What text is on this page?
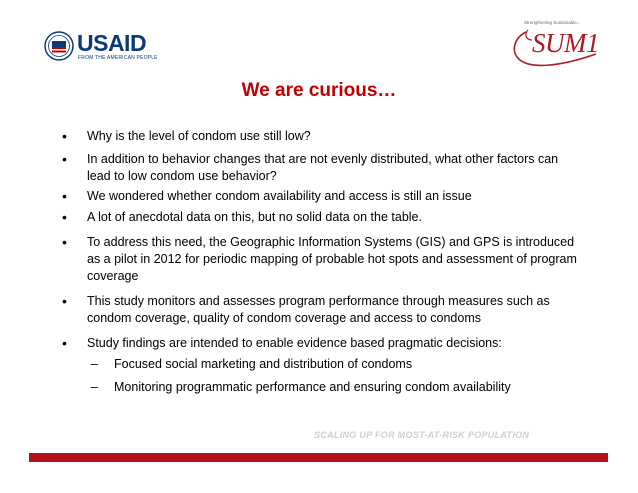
USAID
FROM THE AMERICAN PEOPLE
Strengthening Sustainable...
SUM1
We are curious…
• Why is the level of condom use still low?
• In addition to behavior changes that are not evenly distributed, what other factors can lead to low condom use behavior?
• We wondered whether condom availability and access is still an issue
• A lot of anecdotal data on this, but no solid data on the table.
• To address this need, the Geographic Information Systems (GIS) and GPS is introduced as a pilot in 2012 for periodic mapping of probable hot spots and assessment of program coverage
• This study monitors and assesses program performance through measures such as condom coverage, quality of condom coverage and access to condoms
• Study findings are intended to enable evidence based pragmatic decisions:
– Focused social marketing and distribution of condoms
– Monitoring programmatic performance and ensuring condom availability
SCALING UP FOR MOST-AT-RISK POPULATION
